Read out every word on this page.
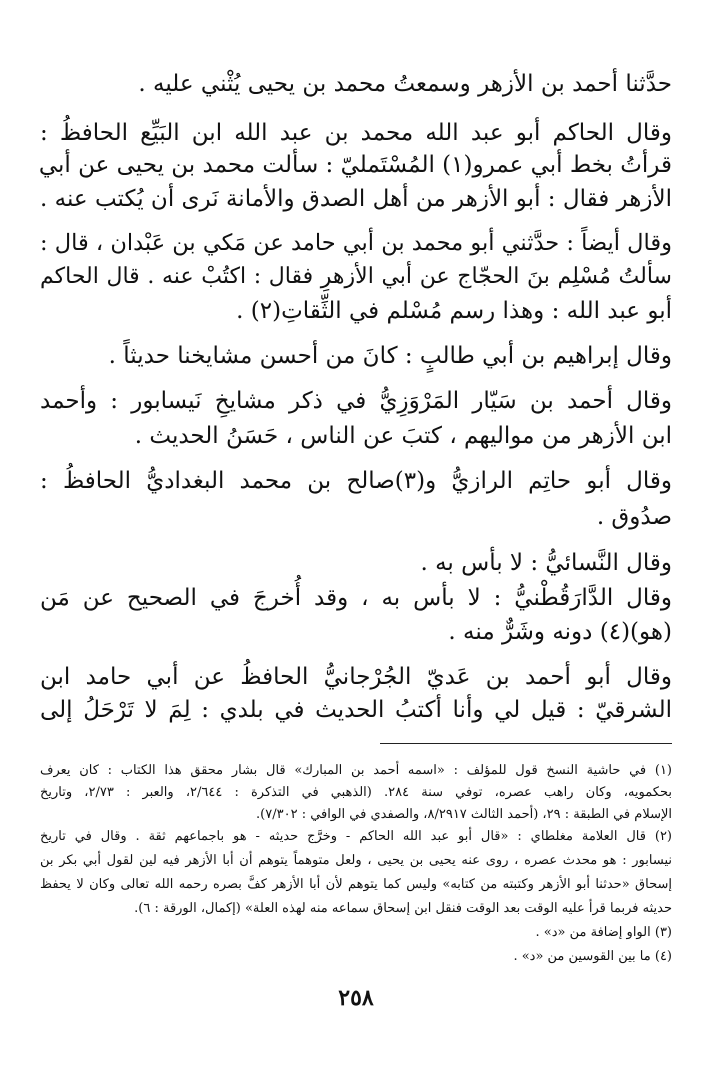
حدَّثنا أحمد بن الأزهر وسمعتُ محمد بن يحيى يُثْني عليه .
وقال الحاكم أبو عبد الله محمد بن عبد الله ابن البَيِّع الحافظُ :
قرأتُ بخط أبي عمرو(١) المُسْتَمليّ : سألت محمد بن يحيى عن أبي
الأزهر فقال : أبو الأزهر من أهل الصدق والأمانة نَرى أن يُكتب عنه .
وقال أيضاً : حدَّثني أبو محمد بن أبي حامد عن مَكي بن عَبْدان ، قال :
سألتُ مُسْلِم بنَ الحجّاج عن أبي الأزهرِ فقال : اكتُبْ عنه . قال الحاكم
أبو عبد الله : وهذا رسم مُسْلم في الثِّقاتِ(٢) .
وقال إبراهيم بن أبي طالبٍ : كانَ من أحسن مشايخنا حديثاً .
وقال أحمد بن سَيّار المَرْوَزِيُّ في ذكر مشايخِ نَيسابور : وأحمد
ابن الأزهر من مواليهم ، كتبَ عن الناس ، حَسَنُ الحديث .
وقال أبو حاتِم الرازيُّ و(٣)صالح بن محمد البغداديُّ الحافظُ :
صدُوق .
وقال النَّسائيُّ : لا بأس به .
وقال الدَّارَقُطْنيُّ : لا بأس به ، وقد أُخرجَ في الصحيح عن مَن
(هو)(٤) دونه وشَرٌّ منه .
وقال أبو أحمد بن عَديّ الجُرْجانيُّ الحافظُ عن أبي حامد ابن
الشرقيّ : قيل لي وأنا أكتبُ الحديث في بلدي : لِمَ لا تَرْحَلُ إلى
(١) في حاشية النسخ قول للمؤلف : «اسمه أحمد بن المبارك» قال بشار محقق هذا الكتاب : كان يعرف
بحكمويه، وكان راهب عصره، توفي سنة ٢٨٤. (الذهبي في التذكرة : ٢/٦٤٤، والعبر : ٢/٧٣، وتاريخ
الإسلام في الطبقة : ٢٩، (أحمد الثالث ٨/٢٩١٧، والصفدي في الوافي : ٧/٣٠٢).
(٢) قال العلامة مغلطاي : «قال أبو عبد الله الحاكم - وخرَّج حديثه - هو باجماعهم ثقة . وقال في تاريخ
نيسابور : هو محدث عصره ، روى عنه يحيى بن يحيى ، ولعل متوهماً يتوهم أن أبا الأزهر فيه لين لقول أبي بكر بن
إسحاق «حدثنا أبو الأزهر وكتبته من كتابه» وليس كما يتوهم لأن أبا الأزهر كفَّ بصره رحمه الله تعالى وكان لا يحفظ
حديثه فربما قرأ عليه الوقت بعد الوقت فنقل ابن إسحاق سماعه منه لهذه العلة» (إكمال، الورقة : ٦).
(٣) الواو إضافة من «د» .
(٤) ما بين القوسين من «د» .
٢٥٨
